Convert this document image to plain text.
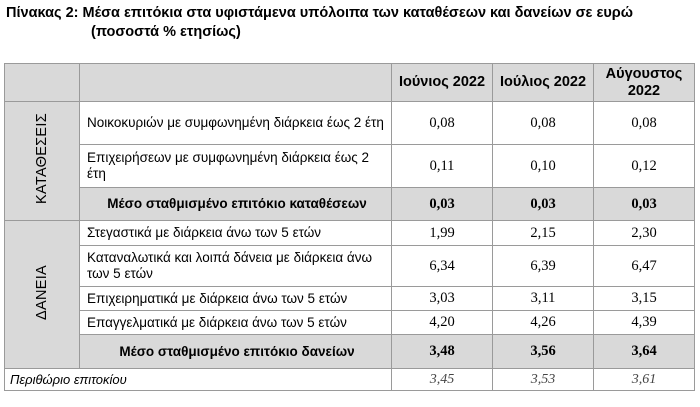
Πίνακας 2: Μέσα επιτόκια στα υφιστάμενα υπόλοιπα των καταθέσεων και δανείων σε ευρώ
(ποσοστά % ετησίως)
		Ιούνιος 2022	Ιούλιος 2022	Αύγουστος 2022
ΚΑΤΑΘΕΣΕΙΣ	Νοικοκυριών με συμφωνημένη διάρκεια έως 2 έτη	0,08	0,08	0,08
	Επιχειρήσεων με συμφωνημένη διάρκεια έως 2 έτη	0,11	0,10	0,12
	Μέσο σταθμισμένο επιτόκιο καταθέσεων	0,03	0,03	0,03
ΔΑΝΕΙΑ	Στεγαστικά με διάρκεια άνω των 5 ετών	1,99	2,15	2,30
	Καταναλωτικά και λοιπά δάνεια με διάρκεια άνω των 5 ετών	6,34	6,39	6,47
	Επιχειρηματικά με διάρκεια άνω των 5 ετών	3,03	3,11	3,15
	Επαγγελματικά με διάρκεια άνω των 5 ετών	4,20	4,26	4,39
	Μέσο σταθμισμένο επιτόκιο δανείων	3,48	3,56	3,64
Περιθώριο επιτοκίου		3,45	3,53	3,61
